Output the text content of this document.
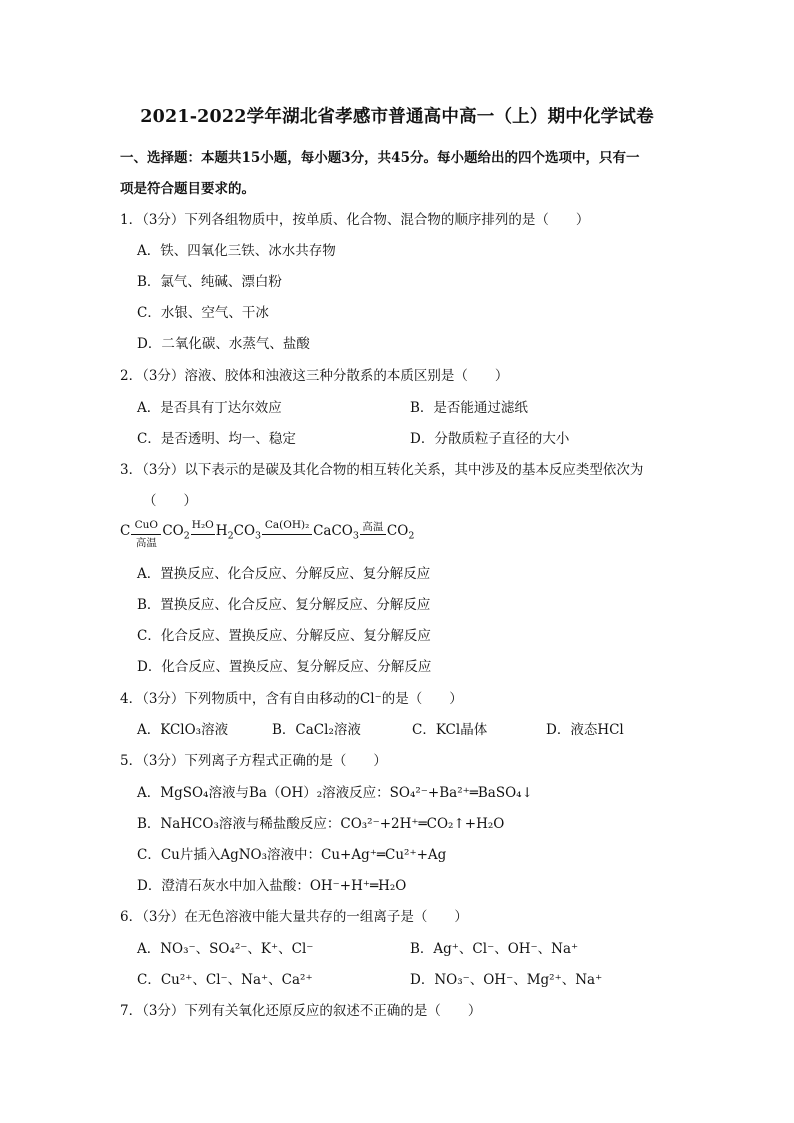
2021-2022学年湖北省孝感市普通高中高一（上）期中化学试卷
一、选择题：本题共15小题，每小题3分，共45分。每小题给出的四个选项中，只有一
项是符合题目要求的。
1．（3分）下列各组物质中，按单质、化合物、混合物的顺序排列的是（　　）
A．铁、四氧化三铁、冰水共存物
B．氯气、纯碱、漂白粉
C．水银、空气、干冰
D．二氧化碳、水蒸气、盐酸
2．（3分）溶液、胶体和浊液这三种分散系的本质区别是（　　）
A．是否具有丁达尔效应	B．是否能通过滤纸
C．是否透明、均一、稳定	D．分散质粒子直径的大小
3．（3分）以下表示的是碳及其化合物的相互转化关系，其中涉及的基本反应类型依次为
（　　）
C CuO
高温
$CO_2$
H₂O $H_2CO_3$
Ca(OH)₂ CaCO$_3$
高温 $CO_2$
A．置换反应、化合反应、分解反应、复分解反应
B．置换反应、化合反应、复分解反应、分解反应
C．化合反应、置换反应、分解反应、复分解反应
D．化合反应、置换反应、复分解反应、分解反应
4．（3分）下列物质中，含有自由移动的Cl⁻的是（　　）
A．KClO₃溶液	B．CaCl₂溶液	C．KCl晶体	D．液态HCl
5．（3分）下列离子方程式正确的是（　　）
A．MgSO₄溶液与Ba（OH）₂溶液反应：SO₄²⁻+Ba²⁺═BaSO₄↓
B．NaHCO₃溶液与稀盐酸反应：CO₃²⁻+2H⁺═CO₂↑+H₂O
C．Cu片插入AgNO₃溶液中：Cu+Ag⁺═Cu²⁺+Ag
D．澄清石灰水中加入盐酸：OH⁻+H⁺═H₂O
6．（3分）在无色溶液中能大量共存的一组离子是（　　）
A．NO₃⁻、SO₄²⁻、K⁺、Cl⁻	B．Ag⁺、Cl⁻、OH⁻、Na⁺
C．Cu²⁺、Cl⁻、Na⁺、Ca²⁺	D．NO₃⁻、OH⁻、Mg²⁺、Na⁺
7．（3分）下列有关氧化还原反应的叙述不正确的是（　　）
